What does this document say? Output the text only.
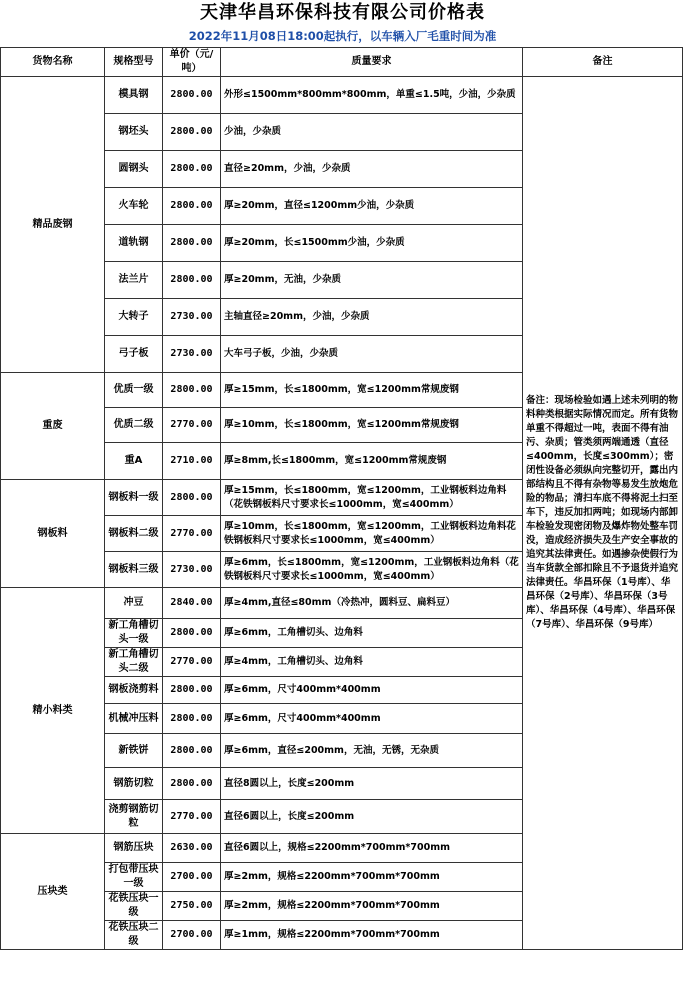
天津华昌环保科技有限公司价格表
2022年11月08日18:00起执行，以车辆入厂毛重时间为准
货物名称	规格型号	单价（元/吨）	质量要求	备注
精品废钢	模具钢	2800.00	外形≤1500mm*800mm*800mm，单重≤1.5吨，少油，少杂质	备注：现场检验如遇上述未列明的物料种类根据实际情况而定。所有货物单重不得超过一吨，表面不得有油污、杂质；管类须两端通透（直径≤400mm，长度≤300mm）；密闭性设备必须纵向完整切开，露出内部结构且不得有杂物等易发生放炮危险的物品；清扫车底不得将泥土扫至车下，违反加扣两吨；如现场内部卸车检验发现密闭物及爆炸物处整车罚没，造成经济损失及生产安全事故的追究其法律责任。如遇掺杂使假行为当车货款全部扣除且不予退货并追究法律责任。华昌环保（1号库）、华昌环保（2号库）、华昌环保（3号库）、华昌环保（4号库）、华昌环保（7号库）、华昌环保（9号库）
	钢坯头	2800.00	少油，少杂质	
	圆钢头	2800.00	直径≥20mm，少油，少杂质	
	火车轮	2800.00	厚≥20mm，直径≤1200mm少油，少杂质	
	道轨钢	2800.00	厚≥20mm，长≤1500mm少油，少杂质	
	法兰片	2800.00	厚≥20mm，无油，少杂质	
	大转子	2730.00	主轴直径≥20mm，少油，少杂质	
	弓子板	2730.00	大车弓子板，少油，少杂质	
重废	优质一级	2800.00	厚≥15mm，长≤1800mm，宽≤1200mm常规废钢	
	优质二级	2770.00	厚≥10mm，长≤1800mm，宽≤1200mm常规废钢	
	重A	2710.00	厚≥8mm,长≤1800mm，宽≤1200mm常规废钢	
钢板料	钢板料一级	2800.00	厚≥15mm，长≤1800mm，宽≤1200mm，工业钢板料边角料（花铁钢板料尺寸要求长≤1000mm，宽≤400mm）	
	钢板料二级	2770.00	厚≥10mm，长≤1800mm，宽≤1200mm，工业钢板料边角料花铁钢板料尺寸要求长≤1000mm，宽≤400mm）	
	钢板料三级	2730.00	厚≥6mm，长≤1800mm，宽≤1200mm，工业钢板料边角料（花铁钢板料尺寸要求长≤1000mm，宽≤400mm）	
精小料类	冲豆	2840.00	厚≥4mm,直径≤80mm（冷热冲，圆料豆、扁料豆）	
	新工角槽切头一级	2800.00	厚≥6mm，工角槽切头、边角料	
	新工角槽切头二级	2770.00	厚≥4mm，工角槽切头、边角料	
	钢板浇剪料	2800.00	厚≥6mm，尺寸400mm*400mm	
	机械冲压料	2800.00	厚≥6mm，尺寸400mm*400mm	
	新铁饼	2800.00	厚≥6mm，直径≤200mm，无油，无锈，无杂质	
	钢筋切粒	2800.00	直径8圆以上，长度≤200mm	
	浇剪钢筋切粒	2770.00	直径6圆以上，长度≤200mm	
压块类	钢筋压块	2630.00	直径6圆以上，规格≤2200mm*700mm*700mm	
	打包带压块一级	2700.00	厚≥2mm，规格≤2200mm*700mm*700mm	
	花铁压块一级	2750.00	厚≥2mm，规格≤2200mm*700mm*700mm	
	花铁压块二级	2700.00	厚≥1mm，规格≤2200mm*700mm*700mm	
